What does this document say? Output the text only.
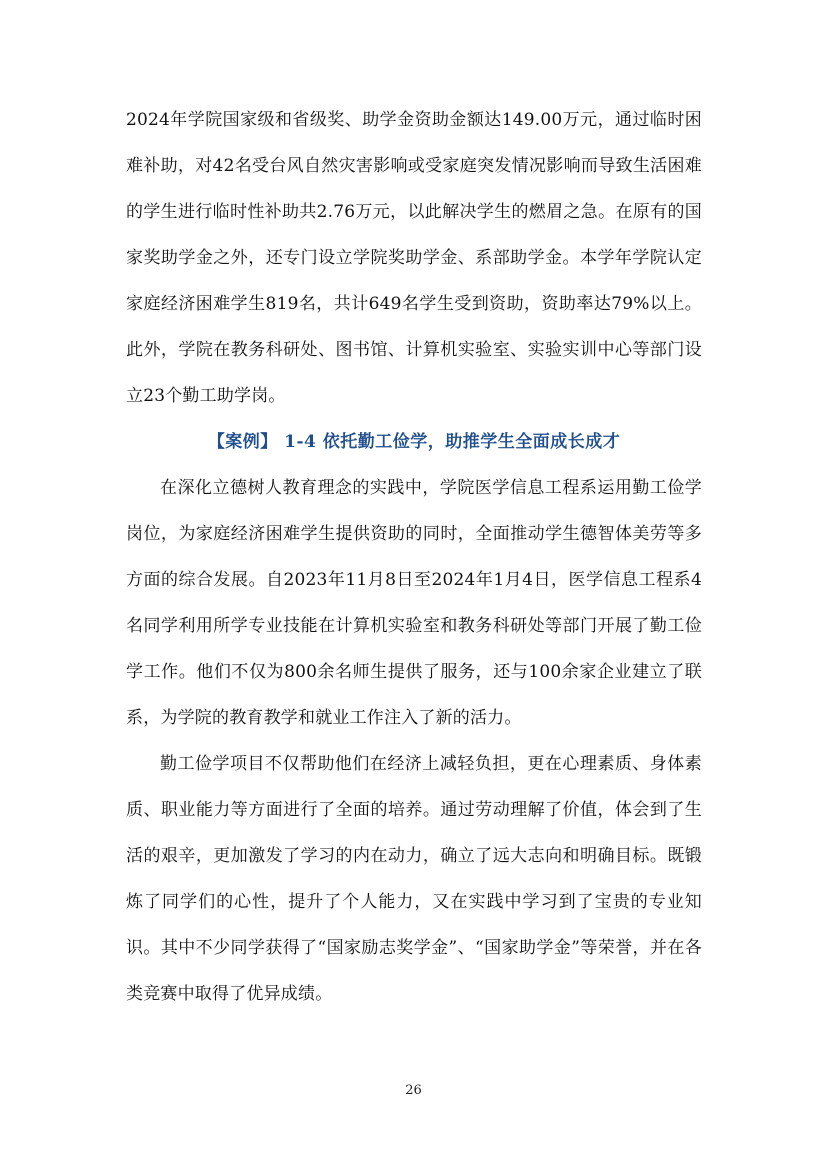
2024年学院国家级和省级奖、助学金资助金额达149.00万元，通过临时困难补助，对42名受台风自然灾害影响或受家庭突发情况影响而导致生活困难的学生进行临时性补助共2.76万元，以此解决学生的燃眉之急。在原有的国家奖助学金之外，还专门设立学院奖助学金、系部助学金。本学年学院认定家庭经济困难学生819名，共计649名学生受到资助，资助率达79%以上。此外，学院在教务科研处、图书馆、计算机实验室、实验实训中心等部门设立23个勤工助学岗。

【案例】 1-4 依托勤工俭学，助推学生全面成长成才

在深化立德树人教育理念的实践中，学院医学信息工程系运用勤工俭学岗位，为家庭经济困难学生提供资助的同时，全面推动学生德智体美劳等多方面的综合发展。自2023年11月8日至2024年1月4日，医学信息工程系4名同学利用所学专业技能在计算机实验室和教务科研处等部门开展了勤工俭学工作。他们不仅为800余名师生提供了服务，还与100余家企业建立了联系，为学院的教育教学和就业工作注入了新的活力。

勤工俭学项目不仅帮助他们在经济上减轻负担，更在心理素质、身体素质、职业能力等方面进行了全面的培养。通过劳动理解了价值，体会到了生活的艰辛，更加激发了学习的内在动力，确立了远大志向和明确目标。既锻炼了同学们的心性，提升了个人能力，又在实践中学习到了宝贵的专业知识。其中不少同学获得了“国家励志奖学金”、“国家助学金”等荣誉，并在各类竞赛中取得了优异成绩。

26
